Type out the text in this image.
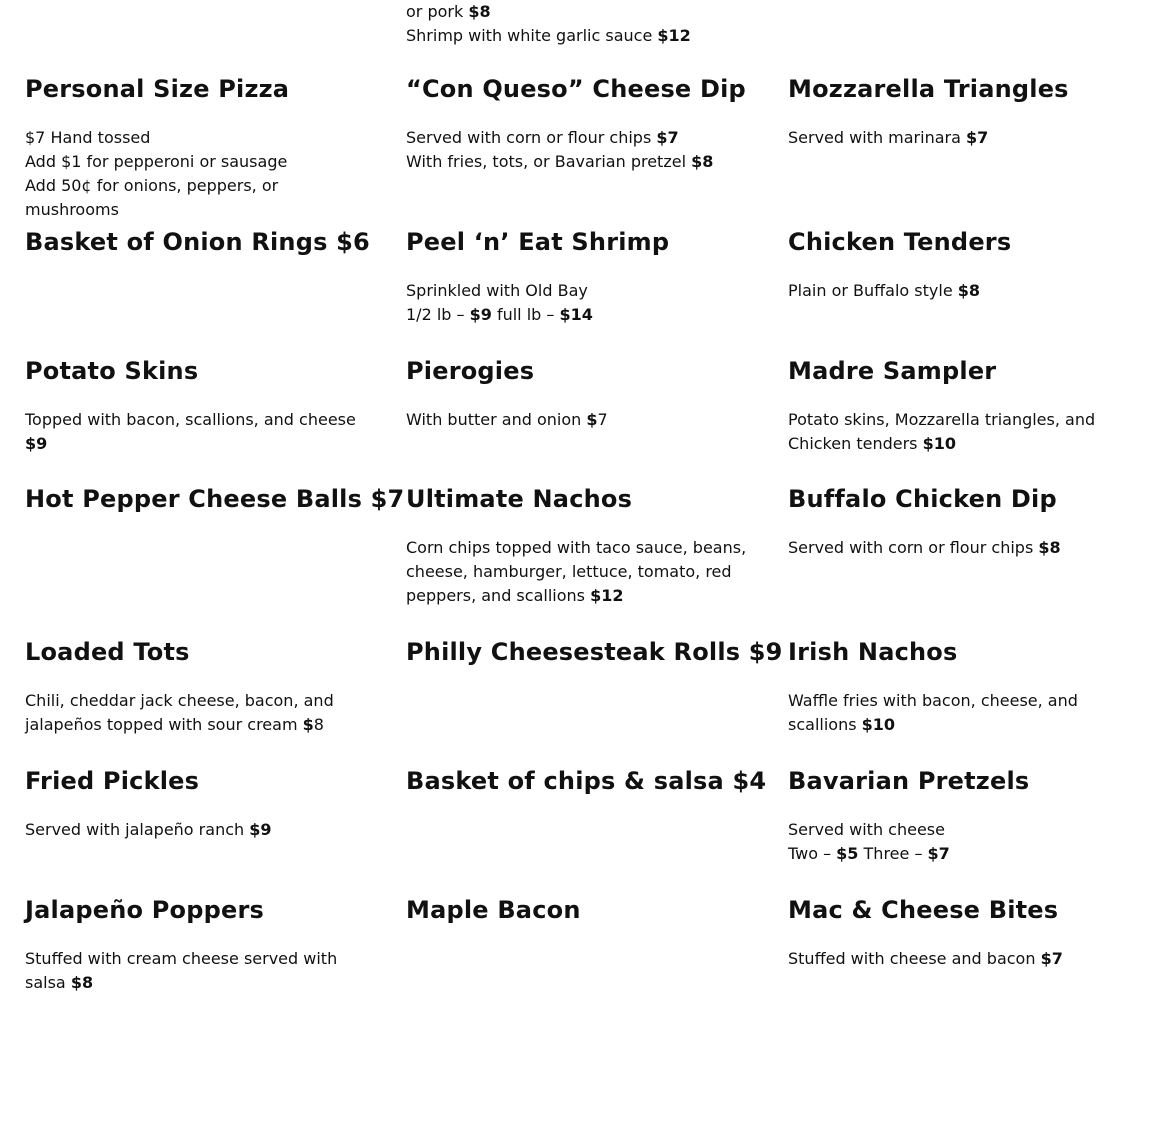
or pork $8
Shrimp with white garlic sauce $12
Personal Size Pizza
$7 Hand tossed
Add $1 for pepperoni or sausage
Add 50¢ for onions, peppers, or mushrooms
“Con Queso” Cheese Dip
Served with corn or flour chips $7
With fries, tots, or Bavarian pretzel $8
Mozzarella Triangles
Served with marinara $7
Basket of Onion Rings $6 Peel ‘n’ Eat Shrimp
Sprinkled with Old Bay
1/2 lb – $9 full lb – $14
Chicken Tenders
Plain or Buffalo style $8
Potato Skins
Topped with bacon, scallions, and cheese $9
Pierogies
With butter and onion $7
Madre Sampler
Potato skins, Mozzarella triangles, and Chicken tenders $10
Hot Pepper Cheese Balls $7 Ultimate Nachos
Corn chips topped with taco sauce, beans, cheese, hamburger, lettuce, tomato, red peppers, and scallions $12
Buffalo Chicken Dip
Served with corn or flour chips $8
Loaded Tots
Chili, cheddar jack cheese, bacon, and jalapeños topped with sour cream $8
Philly Cheesesteak Rolls $9 Irish Nachos
Waffle fries with bacon, cheese, and scallions $10
Fried Pickles
Served with jalapeño ranch $9
Basket of chips & salsa $4 Bavarian Pretzels
Served with cheese
Two – $5 Three – $7
Jalapeño Poppers
Stuffed with cream cheese served with salsa $8
Maple Bacon	Mac & Cheese Bites
Stuffed with cheese and bacon $7
